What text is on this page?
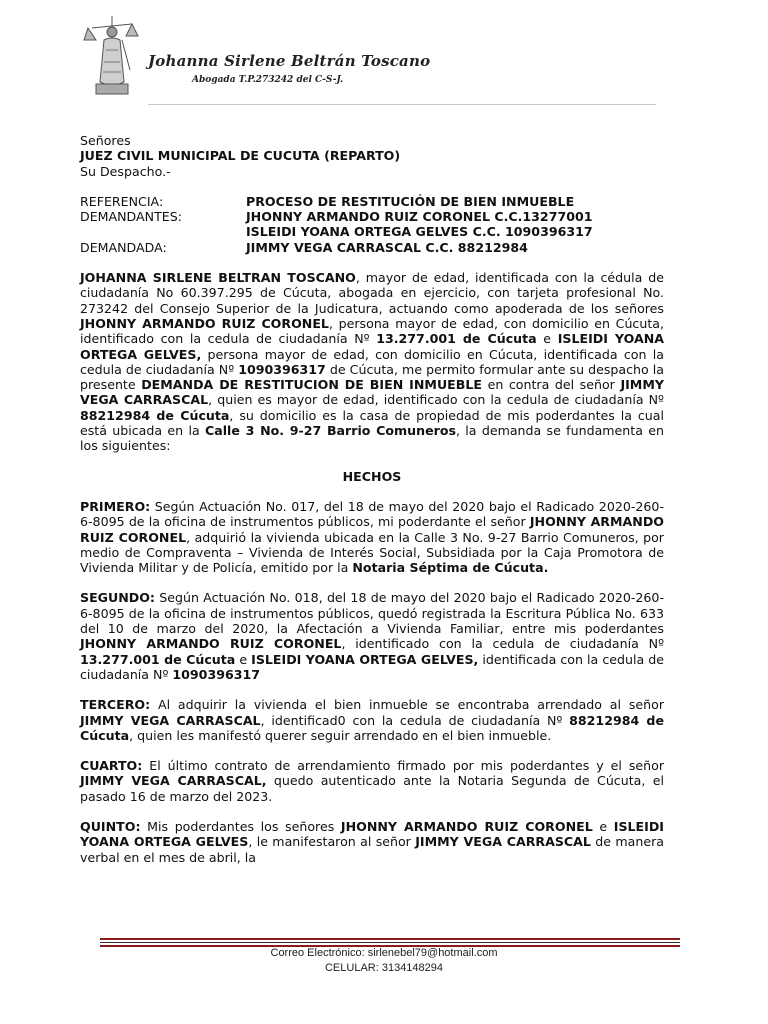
Johanna Sirlene Beltrán Toscano
Abogada T.P.273242 del C-S-J.

Señores

JUEZ CIVIL MUNICIPAL DE CUCUTA (REPARTO)

Su Despacho.-

REFERENCIA:	PROCESO DE RESTITUCIÓN DE BIEN INMUEBLE
DEMANDANTES:	JHONNY ARMANDO RUIZ CORONEL C.C.13277001
ISLEIDI YOANA ORTEGA GELVES C.C. 1090396317
DEMANDADA:	JIMMY VEGA CARRASCAL C.C. 88212984

JOHANNA SIRLENE BELTRAN TOSCANO, mayor de edad, identificada con la cédula de ciudadanía No 60.397.295 de Cúcuta, abogada en ejercicio, con tarjeta profesional No. 273242 del Consejo Superior de la Judicatura, actuando como apoderada de los señores JHONNY ARMANDO RUIZ CORONEL, persona mayor de edad, con domicilio en Cúcuta, identificado con la cedula de ciudadanía Nº 13.277.001 de Cúcuta e ISLEIDI YOANA ORTEGA GELVES, persona mayor de edad, con domicilio en Cúcuta, identificada con la cedula de ciudadanía Nº 1090396317 de Cúcuta, me permito formular ante su despacho la presente DEMANDA DE RESTITUCION DE BIEN INMUEBLE en contra del señor JIMMY VEGA CARRASCAL, quien es mayor de edad, identificado con la cedula de ciudadanía Nº 88212984 de Cúcuta, su domicilio es la casa de propiedad de mis poderdantes la cual está ubicada en la Calle 3 No. 9-27 Barrio Comuneros, la demanda se fundamenta en los siguientes:

HECHOS

PRIMERO: Según Actuación No. 017, del 18 de mayo del 2020 bajo el Radicado 2020-260-6-8095 de la oficina de instrumentos públicos, mi poderdante el señor JHONNY ARMANDO RUIZ CORONEL, adquirió la vivienda ubicada en la Calle 3 No. 9-27 Barrio Comuneros, por medio de Compraventa – Vivienda de Interés Social, Subsidiada por la Caja Promotora de Vivienda Militar y de Policía, emitido por la Notaria Séptima de Cúcuta.

SEGUNDO: Según Actuación No. 018, del 18 de mayo del 2020 bajo el Radicado 2020-260-6-8095 de la oficina de instrumentos públicos, quedó registrada la Escritura Pública No. 633 del 10 de marzo del 2020, la Afectación a Vivienda Familiar, entre mis poderdantes JHONNY ARMANDO RUIZ CORONEL, identificado con la cedula de ciudadanía Nº 13.277.001 de Cúcuta e ISLEIDI YOANA ORTEGA GELVES, identificada con la cedula de ciudadanía Nº 1090396317

TERCERO: Al adquirir la vivienda el bien inmueble se encontraba arrendado al señor JIMMY VEGA CARRASCAL, identificad0 con la cedula de ciudadanía Nº 88212984 de Cúcuta, quien les manifestó querer seguir arrendado en el bien inmueble.

CUARTO: El último contrato de arrendamiento firmado por mis poderdantes y el señor JIMMY VEGA CARRASCAL, quedo autenticado ante la Notaria Segunda de Cúcuta, el pasado 16 de marzo del 2023.

QUINTO: Mis poderdantes los señores JHONNY ARMANDO RUIZ CORONEL e ISLEIDI YOANA ORTEGA GELVES, le manifestaron al señor JIMMY VEGA CARRASCAL de manera verbal en el mes de abril, la

Correo Electrónico: sirlenebel79@hotmail.com
CELULAR: 3134148294
